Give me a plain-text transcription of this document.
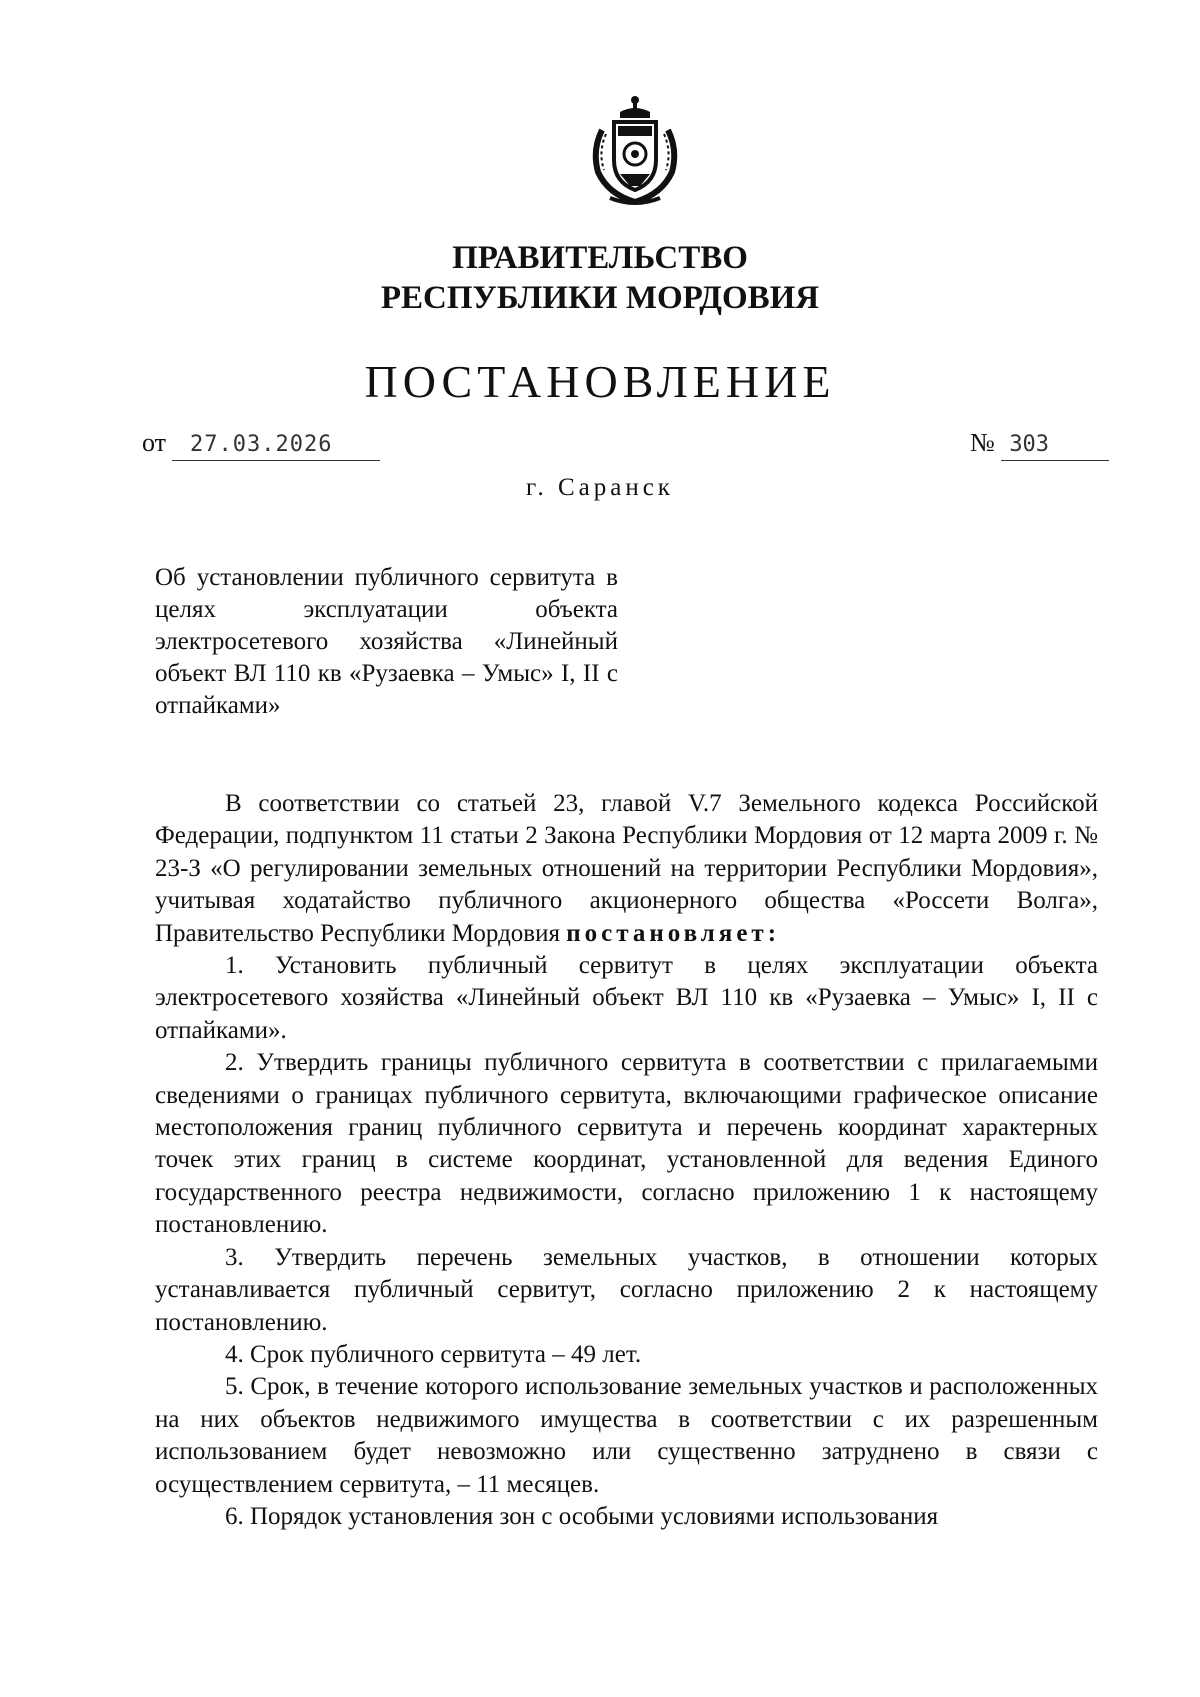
ПРАВИТЕЛЬСТВО
РЕСПУБЛИКИ МОРДОВИЯ
ПОСТАНОВЛЕНИЕ
от 27.03.2026	№ 303
г. Саранск
Об установлении публичного сервитута в целях эксплуатации объекта электросетевого хозяйства «Линейный объект ВЛ 110 кв «Рузаевка – Умыс» I, II с отпайками»

В соответствии со статьей 23, главой V.7 Земельного кодекса Российской Федерации, подпунктом 11 статьи 2 Закона Республики Мордовия от 12 марта 2009 г. № 23-З «О регулировании земельных отношений на территории Республики Мордовия», учитывая ходатайство публичного акционерного общества «Россети Волга», Правительство Республики Мордовия постановляет:

1. Установить публичный сервитут в целях эксплуатации объекта электросетевого хозяйства «Линейный объект ВЛ 110 кв «Рузаевка – Умыс» I, II с отпайками».

2. Утвердить границы публичного сервитута в соответствии с прилагаемыми сведениями о границах публичного сервитута, включающими графическое описание местоположения границ публичного сервитута и перечень координат характерных точек этих границ в системе координат, установленной для ведения Единого государственного реестра недвижимости, согласно приложению 1 к настоящему постановлению.

3. Утвердить перечень земельных участков, в отношении которых устанавливается публичный сервитут, согласно приложению 2 к настоящему постановлению.

4. Срок публичного сервитута – 49 лет.

5. Срок, в течение которого использование земельных участков и расположенных на них объектов недвижимого имущества в соответствии с их разрешенным использованием будет невозможно или существенно затруднено в связи с осуществлением сервитута, – 11 месяцев.

6. Порядок установления зон с особыми условиями использования
